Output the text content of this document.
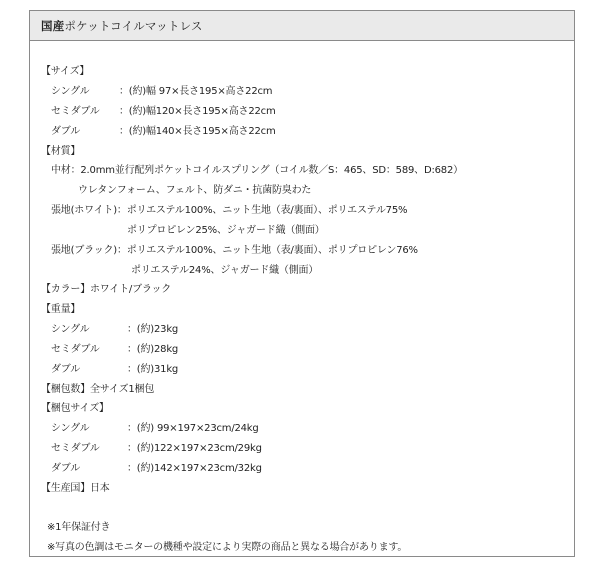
国産ポケットコイルマットレス
【サイズ】
シングル	：(約)幅 97×長さ195×高さ22cm
セミダブル ：(約)幅120×長さ195×高さ22cm
ダブル	：(約)幅140×長さ195×高さ22cm
【材質】
中材：2.0mm並行配列ポケットコイルスプリング（コイル数／S：465、SD：589、D:682）
ウレタンフォーム、フェルト、防ダニ・抗菌防臭わた
張地(ホワイト)：ポリエステル100%、ニット生地（表/裏面）、ポリエステル75%
ポリプロピレン25%、ジャガード織（側面）
張地(ブラック)：ポリエステル100%、ニット生地（表/裏面）、ポリプロピレン76%
ポリエステル24%、ジャガード織（側面）
【カラー】ホワイト/ブラック
【重量】
シングル	：(約)23kg
セミダブル	：(約)28kg
ダブル	：(約)31kg
【梱包数】全サイズ1梱包
【梱包サイズ】
シングル	：(約) 99×197×23cm/24kg
セミダブル	：(約)122×197×23cm/29kg
ダブル	：(約)142×197×23cm/32kg
【生産国】日本
※1年保証付き
※写真の色調はモニターの機種や設定により実際の商品と異なる場合があります。
